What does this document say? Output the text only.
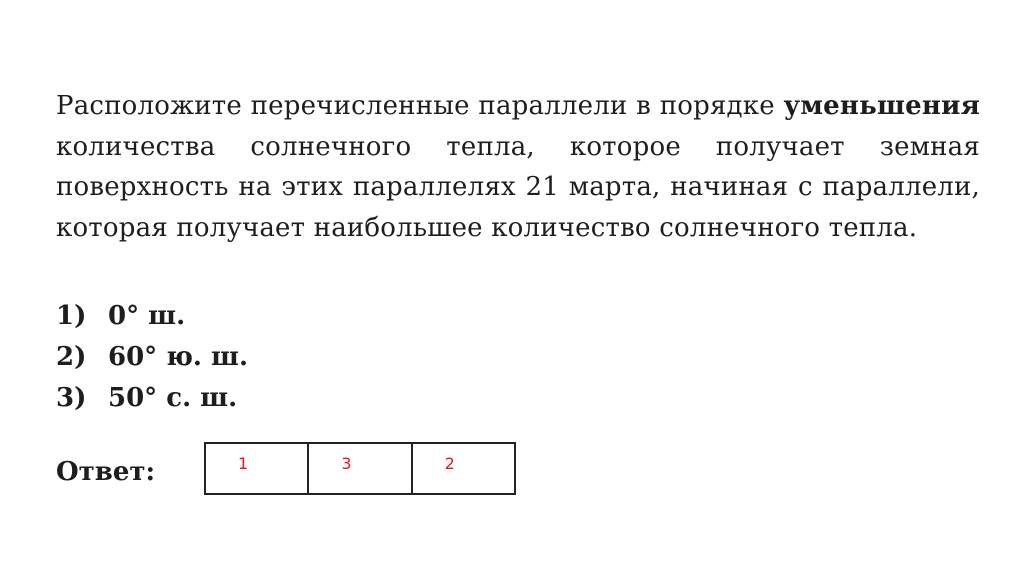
Расположите перечисленные параллели в порядке уменьшения количества солнечного тепла, которое получает земная поверхность на этих параллелях 21 марта, начиная с параллели, которая получает наибольшее количество солнечного тепла.
1) 0° ш.
2) 60° ю. ш.
3) 50° с. ш.
Ответ:	1	3	2
